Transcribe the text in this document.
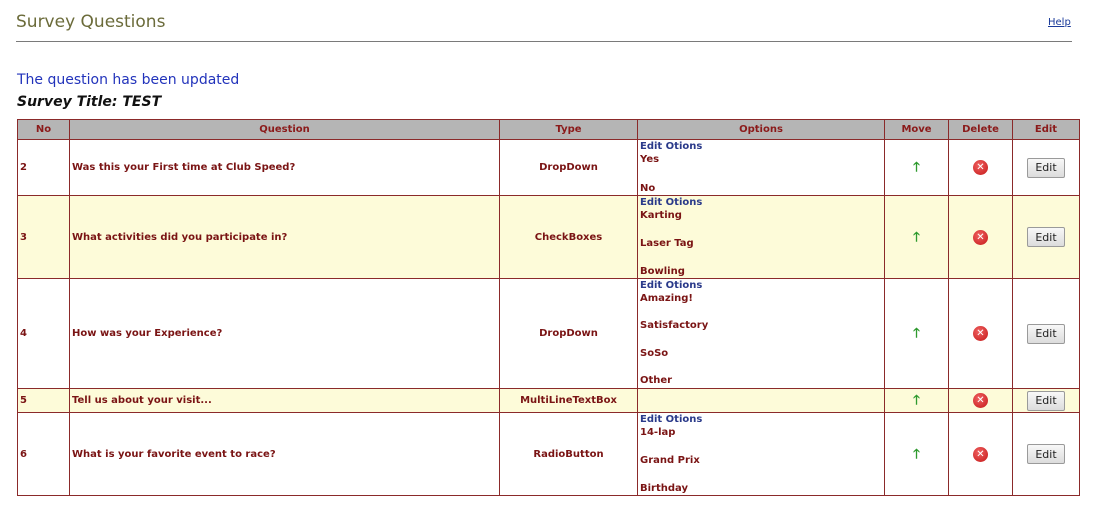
Survey Questions	Help
The question has been updated
Survey Title: TEST
No	Question	Type	Options	Move	Delete	Edit
2	Was this your First time at Club Speed?	DropDown	Edit Otions
Yes
No	🡑	✕	Edit
3	What activities did you participate in?	CheckBoxes	Edit Otions
Karting
Laser Tag
Bowling	🡑	✕	Edit
4	How was your Experience?	DropDown	Edit Otions
Amazing!
Satisfactory
SoSo
Other	🡑	✕	Edit
5	Tell us about your visit...	MultiLineTextBox		🡑	✕	Edit
6	What is your favorite event to race?	RadioButton	Edit Otions
14-lap
Grand Prix
Birthday	🡑	✕	Edit
